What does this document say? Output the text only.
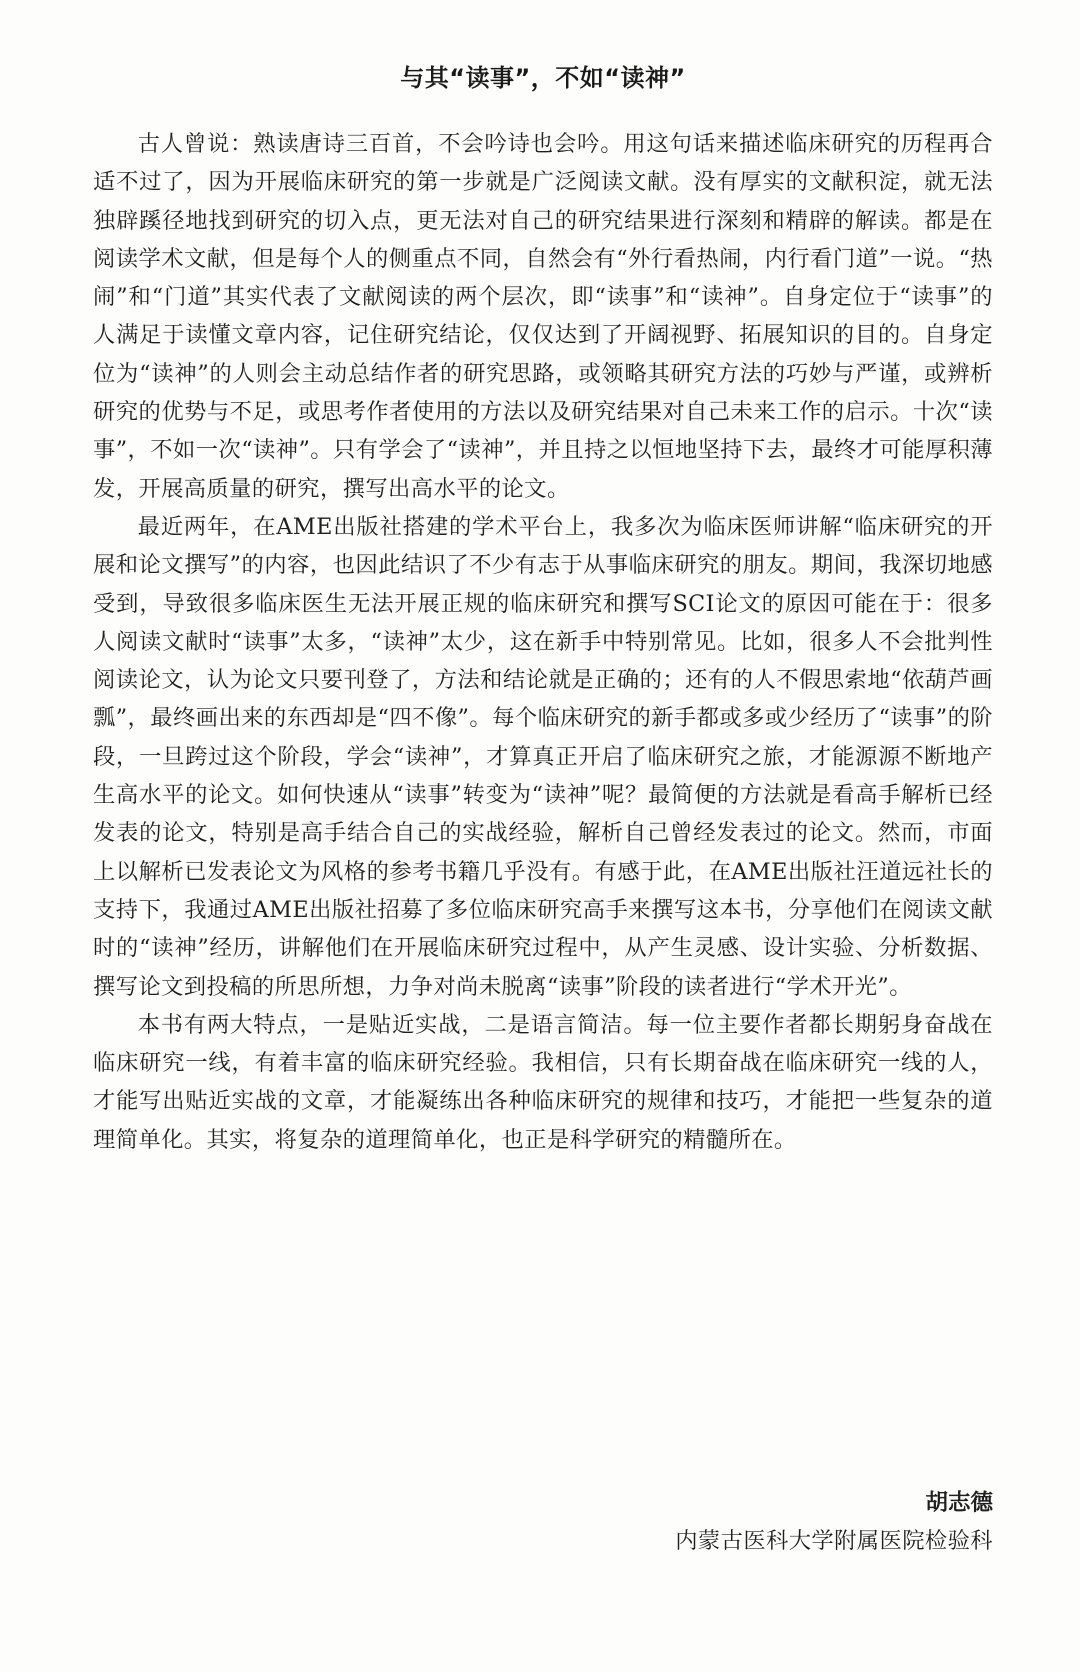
与其“读事”，不如“读神”

古人曾说：熟读唐诗三百首，不会吟诗也会吟。用这句话来描述临床研究的历程再合适不过了，因为开展临床研究的第一步就是广泛阅读文献。没有厚实的文献积淀，就无法独辟蹊径地找到研究的切入点，更无法对自己的研究结果进行深刻和精辟的解读。都是在阅读学术文献，但是每个人的侧重点不同，自然会有“外行看热闹，内行看门道”一说。“热闹”和“门道”其实代表了文献阅读的两个层次，即“读事”和“读神”。自身定位于“读事”的人满足于读懂文章内容，记住研究结论，仅仅达到了开阔视野、拓展知识的目的。自身定位为“读神”的人则会主动总结作者的研究思路，或领略其研究方法的巧妙与严谨，或辨析研究的优势与不足，或思考作者使用的方法以及研究结果对自己未来工作的启示。十次“读事”，不如一次“读神”。只有学会了“读神”，并且持之以恒地坚持下去，最终才可能厚积薄发，开展高质量的研究，撰写出高水平的论文。

最近两年，在AME出版社搭建的学术平台上，我多次为临床医师讲解“临床研究的开展和论文撰写”的内容，也因此结识了不少有志于从事临床研究的朋友。期间，我深切地感受到，导致很多临床医生无法开展正规的临床研究和撰写SCI论文的原因可能在于：很多人阅读文献时“读事”太多，“读神”太少，这在新手中特别常见。比如，很多人不会批判性阅读论文，认为论文只要刊登了，方法和结论就是正确的；还有的人不假思索地“依葫芦画瓢”，最终画出来的东西却是“四不像”。每个临床研究的新手都或多或少经历了“读事”的阶段，一旦跨过这个阶段，学会“读神”，才算真正开启了临床研究之旅，才能源源不断地产生高水平的论文。如何快速从“读事”转变为“读神”呢？最简便的方法就是看高手解析已经发表的论文，特别是高手结合自己的实战经验，解析自己曾经发表过的论文。然而，市面上以解析已发表论文为风格的参考书籍几乎没有。有感于此，在AME出版社汪道远社长的支持下，我通过AME出版社招募了多位临床研究高手来撰写这本书，分享他们在阅读文献时的“读神”经历，讲解他们在开展临床研究过程中，从产生灵感、设计实验、分析数据、撰写论文到投稿的所思所想，力争对尚未脱离“读事”阶段的读者进行“学术开光”。

本书有两大特点，一是贴近实战，二是语言简洁。每一位主要作者都长期躬身奋战在临床研究一线，有着丰富的临床研究经验。我相信，只有长期奋战在临床研究一线的人，才能写出贴近实战的文章，才能凝练出各种临床研究的规律和技巧，才能把一些复杂的道理简单化。其实，将复杂的道理简单化，也正是科学研究的精髓所在。

胡志德
内蒙古医科大学附属医院检验科
